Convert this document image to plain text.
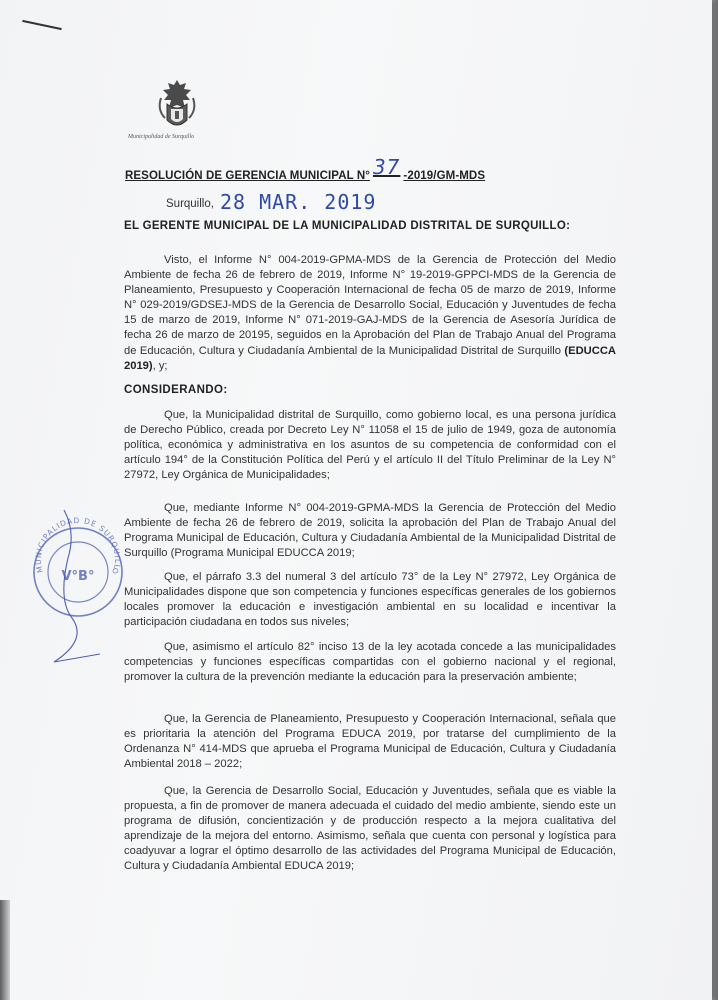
Municipalidad de Surquillo
RESOLUCIÓN DE GERENCIA MUNICIPAL N° 37 -2019/GM-MDS
Surquillo, 28 MAR. 2019
EL GERENTE MUNICIPAL DE LA MUNICIPALIDAD DISTRITAL DE SURQUILLO:

Visto, el Informe N° 004-2019-GPMA-MDS de la Gerencia de Protección del Medio Ambiente de fecha 26 de febrero de 2019, Informe N° 19-2019-GPPCI-MDS de la Gerencia de Planeamiento, Presupuesto y Cooperación Internacional de fecha 05 de marzo de 2019, Informe N° 029-2019/GDSEJ-MDS de la Gerencia de Desarrollo Social, Educación y Juventudes de fecha 15 de marzo de 2019, Informe N° 071-2019-GAJ-MDS de la Gerencia de Asesoría Jurídica de fecha 26 de marzo de 20195, seguidos en la Aprobación del Plan de Trabajo Anual del Programa de Educación, Cultura y Ciudadanía Ambiental de la Municipalidad Distrital de Surquillo (EDUCCA 2019), y;

CONSIDERANDO:

Que, la Municipalidad distrital de Surquillo, como gobierno local, es una persona jurídica de Derecho Público, creada por Decreto Ley N° 11058 el 15 de julio de 1949, goza de autonomía política, económica y administrativa en los asuntos de su competencia de conformidad con el artículo 194° de la Constitución Política del Perú y el artículo II del Título Preliminar de la Ley N° 27972, Ley Orgánica de Municipalidades;

Que, mediante Informe N° 004-2019-GPMA-MDS la Gerencia de Protección del Medio Ambiente de fecha 26 de febrero de 2019, solicita la aprobación del Plan de Trabajo Anual del Programa Municipal de Educación, Cultura y Ciudadanía Ambiental de la Municipalidad Distrital de Surquillo (Programa Municipal EDUCCA 2019;

Que, el párrafo 3.3 del numeral 3 del artículo 73° de la Ley N° 27972, Ley Orgánica de Municipalidades dispone que son competencia y funciones específicas generales de los gobiernos locales promover la educación e investigación ambiental en su localidad e incentivar la participación ciudadana en todos sus niveles;

Que, asimismo el artículo 82° inciso 13 de la ley acotada concede a las municipalidades competencias y funciones específicas compartidas con el gobierno nacional y el regional, promover la cultura de la prevención mediante la educación para la preservación ambiente;

Que, la Gerencia de Planeamiento, Presupuesto y Cooperación Internacional, señala que es prioritaria la atención del Programa EDUCA 2019, por tratarse del cumplimiento de la Ordenanza N° 414-MDS que aprueba el Programa Municipal de Educación, Cultura y Ciudadanía Ambiental 2018 – 2022;

Que, la Gerencia de Desarrollo Social, Educación y Juventudes, señala que es viable la propuesta, a fin de promover de manera adecuada el cuidado del medio ambiente, siendo este un programa de difusión, concientización y de producción respecto a la mejora cualitativa del aprendizaje de la mejora del entorno. Asimismo, señala que cuenta con personal y logística para coadyuvar a lograr el óptimo desarrollo de las actividades del Programa Municipal de Educación, Cultura y Ciudadanía Ambiental EDUCA 2019;

MUNICIPALIDAD DE SURQUILLO
V°B°
